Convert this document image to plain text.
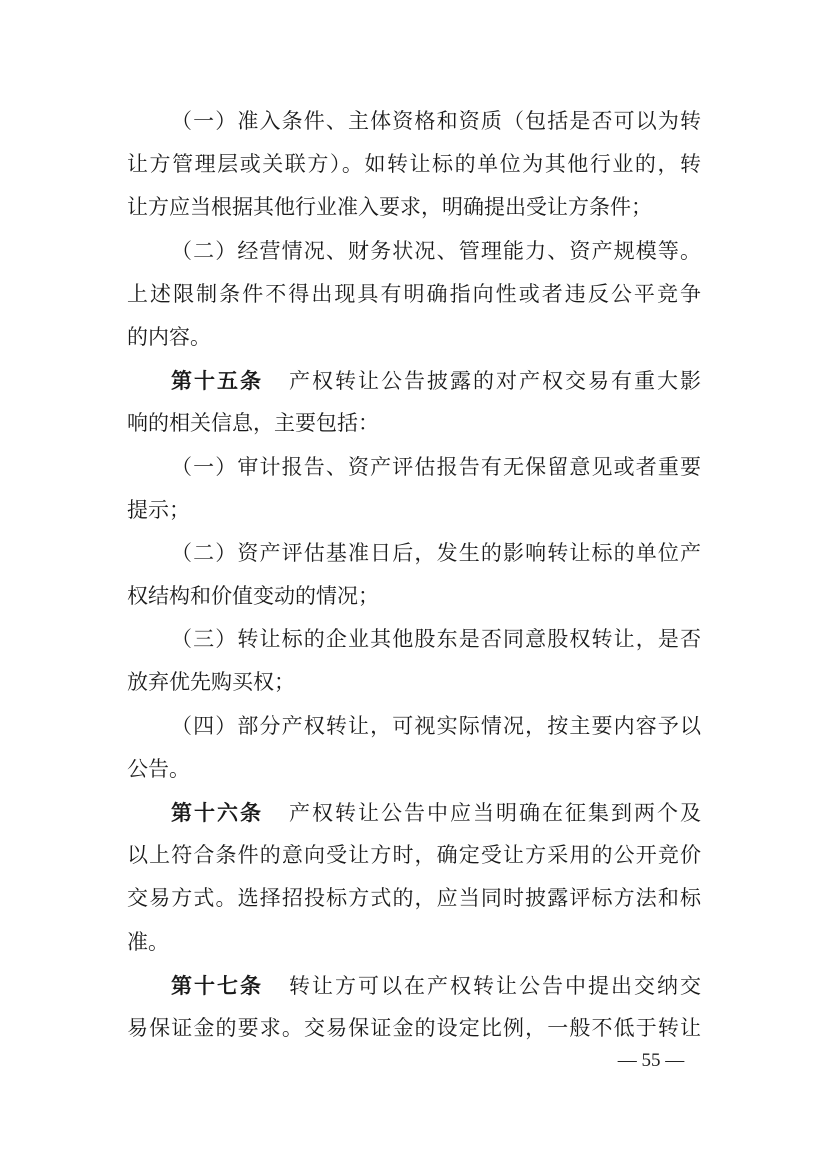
（一）准入条件、主体资格和资质（包括是否可以为转
让方管理层或关联方）。如转让标的单位为其他行业的，转
让方应当根据其他行业准入要求，明确提出受让方条件；
（二）经营情况、财务状况、管理能力、资产规模等。
上述限制条件不得出现具有明确指向性或者违反公平竞争
的内容。
第十五条 产权转让公告披露的对产权交易有重大影
响的相关信息，主要包括：
（一）审计报告、资产评估报告有无保留意见或者重要
提示；
（二）资产评估基准日后，发生的影响转让标的单位产
权结构和价值变动的情况；
（三）转让标的企业其他股东是否同意股权转让，是否
放弃优先购买权；
（四）部分产权转让，可视实际情况，按主要内容予以
公告。
第十六条 产权转让公告中应当明确在征集到两个及
以上符合条件的意向受让方时，确定受让方采用的公开竞价
交易方式。选择招投标方式的，应当同时披露评标方法和标
准。
第十七条 转让方可以在产权转让公告中提出交纳交
易保证金的要求。交易保证金的设定比例，一般不低于转让
— 55 —
